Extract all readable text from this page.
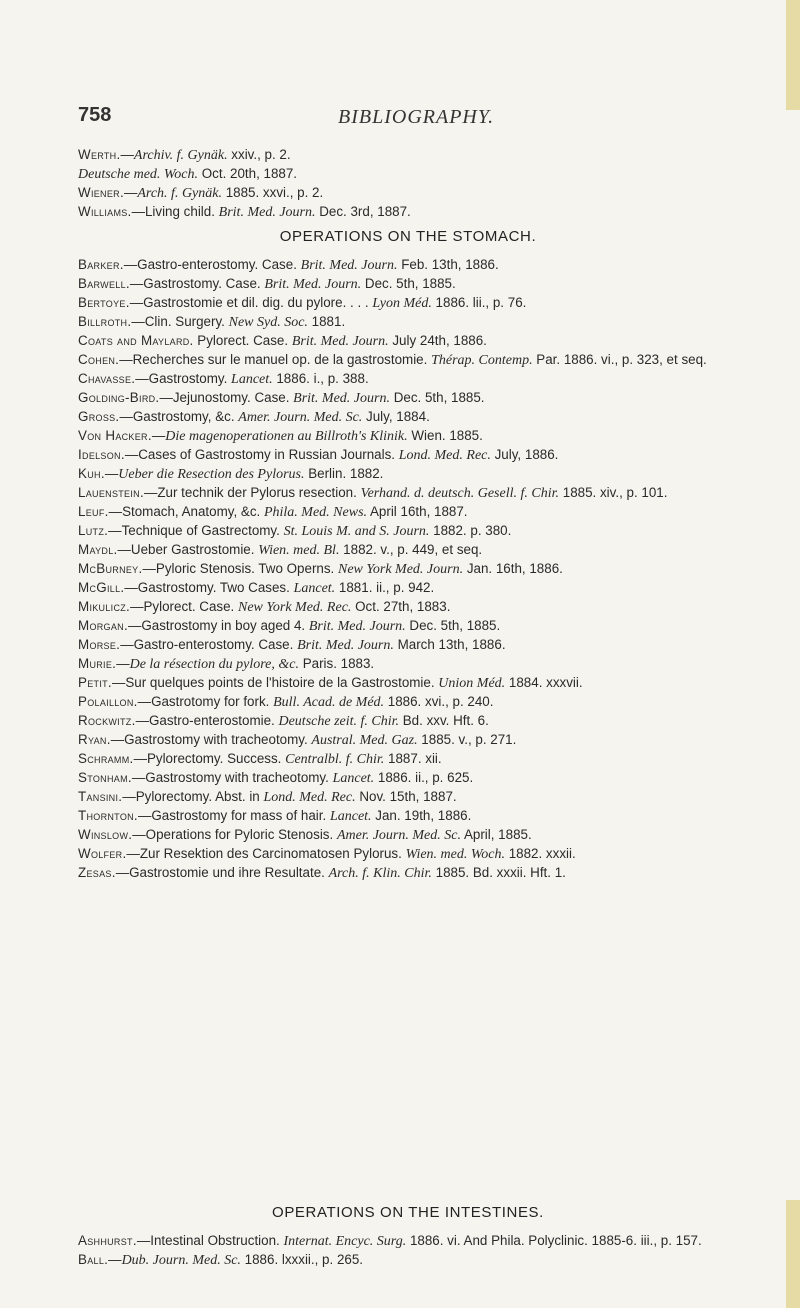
758	BIBLIOGRAPHY.

Werth.—Archiv. f. Gynäk. xxiv., p. 2.

Deutsche med. Woch. Oct. 20th, 1887.

Wiener.—Arch. f. Gynäk. 1885. xxvi., p. 2.

Williams.—Living child. Brit. Med. Journ. Dec. 3rd, 1887.

OPERATIONS ON THE STOMACH.

Barker.—Gastro-enterostomy. Case. Brit. Med. Journ. Feb. 13th, 1886.

Barwell.—Gastrostomy. Case. Brit. Med. Journ. Dec. 5th, 1885.

Bertoye.—Gastrostomie et dil. dig. du pylore. . . . Lyon Méd. 1886. lii., p. 76.

Billroth.—Clin. Surgery. New Syd. Soc. 1881.

Coats and Maylard. Pylorect. Case. Brit. Med. Journ. July 24th, 1886.

Cohen.—Recherches sur le manuel op. de la gastrostomie. Thérap. Contemp. Par. 1886. vi., p. 323, et seq.

Chavasse.—Gastrostomy. Lancet. 1886. i., p. 388.

Golding-Bird.—Jejunostomy. Case. Brit. Med. Journ. Dec. 5th, 1885.

Gross.—Gastrostomy, &c. Amer. Journ. Med. Sc. July, 1884.

Von Hacker.—Die magenoperationen au Billroth's Klinik. Wien. 1885.

Idelson.—Cases of Gastrostomy in Russian Journals. Lond. Med. Rec. July, 1886.

Kuh.—Ueber die Resection des Pylorus. Berlin. 1882.

Lauenstein.—Zur technik der Pylorus resection. Verhand. d. deutsch. Gesell. f. Chir. 1885. xiv., p. 101.

Leuf.—Stomach, Anatomy, &c. Phila. Med. News. April 16th, 1887.

Lutz.—Technique of Gastrectomy. St. Louis M. and S. Journ. 1882. p. 380.

Maydl.—Ueber Gastrostomie. Wien. med. Bl. 1882. v., p. 449, et seq.

McBurney.—Pyloric Stenosis. Two Operns. New York Med. Journ. Jan. 16th, 1886.

McGill.—Gastrostomy. Two Cases. Lancet. 1881. ii., p. 942.

Mikulicz.—Pylorect. Case. New York Med. Rec. Oct. 27th, 1883.

Morgan.—Gastrostomy in boy aged 4. Brit. Med. Journ. Dec. 5th, 1885.

Morse.—Gastro-enterostomy. Case. Brit. Med. Journ. March 13th, 1886.

Murie.—De la résection du pylore, &c. Paris. 1883.

Petit.—Sur quelques points de l'histoire de la Gastrostomie. Union Méd. 1884. xxxvii.

Polaillon.—Gastrotomy for fork. Bull. Acad. de Méd. 1886. xvi., p. 240.

Rockwitz.—Gastro-enterostomie. Deutsche zeit. f. Chir. Bd. xxv. Hft. 6.

Ryan.—Gastrostomy with tracheotomy. Austral. Med. Gaz. 1885. v., p. 271.

Schramm.—Pylorectomy. Success. Centralbl. f. Chir. 1887. xii.

Stonham.—Gastrostomy with tracheotomy. Lancet. 1886. ii., p. 625.

Tansini.—Pylorectomy. Abst. in Lond. Med. Rec. Nov. 15th, 1887.

Thornton.—Gastrostomy for mass of hair. Lancet. Jan. 19th, 1886.

Winslow.—Operations for Pyloric Stenosis. Amer. Journ. Med. Sc. April, 1885.

Wolfer.—Zur Resektion des Carcinomatosen Pylorus. Wien. med. Woch. 1882. xxxii.

Zesas.—Gastrostomie und ihre Resultate. Arch. f. Klin. Chir. 1885. Bd. xxxii. Hft. 1.

OPERATIONS ON THE INTESTINES.

Ashhurst.—Intestinal Obstruction. Internat. Encyc. Surg. 1886. vi. And Phila. Polyclinic. 1885-6. iii., p. 157.

Ball.—Dub. Journ. Med. Sc. 1886. lxxxii., p. 265.
